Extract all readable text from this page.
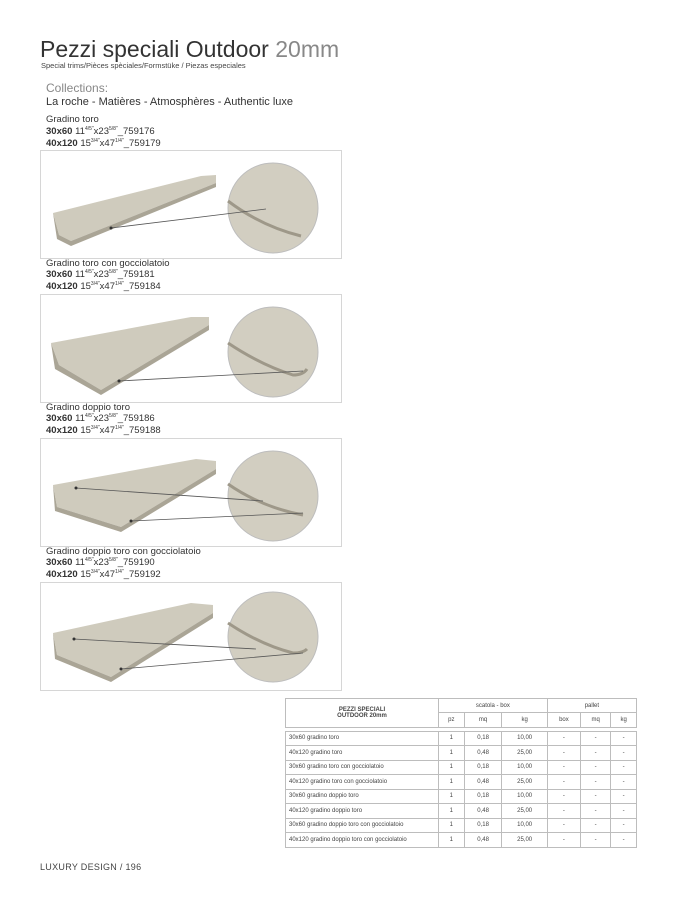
Pezzi speciali Outdoor 20mm
Special trims/Pièces spèciales/Formstüke / Piezas especiales
Collections:
La roche - Matières - Atmosphères - Authentic luxe
Gradino toro
30x60 $11^{4/5"}x23^{5/8"}\_759176$
40x120 $15^{3/4"}x47^{1/4"}\_759179$
Gradino toro con gocciolatoio
30x60 $11^{4/5"}x23^{5/8"}\_759181$
40x120 $15^{3/4"}x47^{1/4"}\_759184$
Gradino doppio toro
30x60 $11^{4/5"}x23^{5/8"}\_759186$
40x120 $15^{3/4"}x47^{1/4"}\_759188$
Gradino doppio toro con gocciolatoio
30x60 $11^{4/5"}x23^{5/8"}\_759190$
40x120 $15^{3/4"}x47^{1/4"}\_759192$
PEZZI SPECIALI
OUTDOOR 20mm	scatola - box			pallet		
	pz	mq	kg	box	mq	kg

30x60 gradino toro	1	0,18	10,00	-	-	-
40x120 gradino toro	1	0,48	25,00	-	-	-
30x60 gradino toro con gocciolatoio	1	0,18	10,00	-	-	-
40x120 gradino toro con gocciolatoio	1	0,48	25,00	-	-	-
30x60 gradino doppio toro	1	0,18	10,00	-	-	-
40x120 gradino doppio toro	1	0,48	25,00	-	-	-
30x60 gradino doppio toro con gocciolatoio	1	0,18	10,00	-	-	-
40x120 gradino doppio toro con gocciolatoio	1	0,48	25,00	-	-	-
LUXURY DESIGN / 196
